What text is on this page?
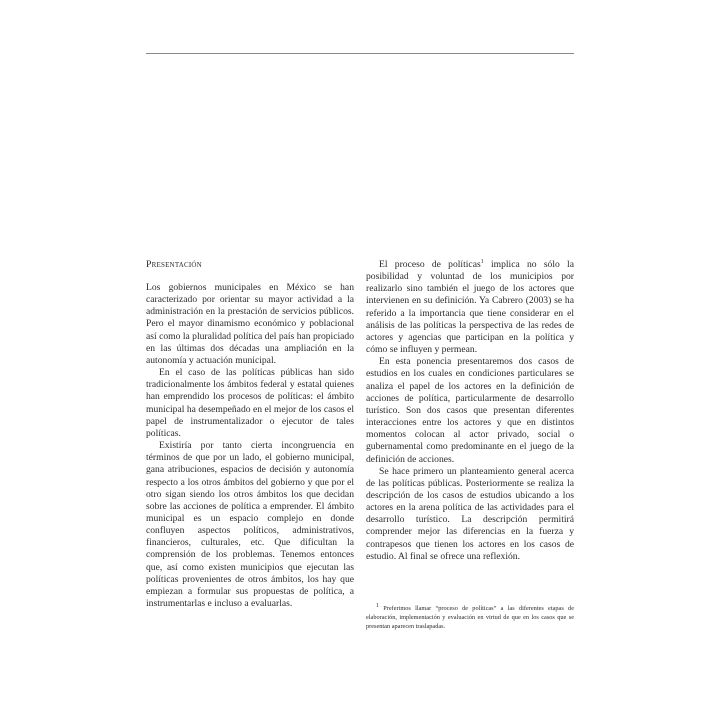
Presentación

Los gobiernos municipales en México se han caracterizado por orientar su mayor actividad a la administración en la prestación de servicios públicos. Pero el mayor dinamismo económico y poblacional así como la pluralidad política del país han propiciado en las últimas dos décadas una ampliación en la autonomía y actuación municipal.

En el caso de las políticas públicas han sido tradicionalmente los ámbitos federal y estatal quienes han emprendido los procesos de políticas: el ámbito municipal ha desempeñado en el mejor de los casos el papel de instrumentalizador o ejecutor de tales políticas.

Existiría por tanto cierta incongruencia en términos de que por un lado, el gobierno municipal, gana atribuciones, espacios de decisión y autonomía respecto a los otros ámbitos del gobierno y que por el otro sigan siendo los otros ámbitos los que decidan sobre las acciones de política a emprender. El ámbito municipal es un espacio complejo en donde confluyen aspectos políticos, administrativos, financieros, culturales, etc. Que dificultan la comprensión de los problemas. Tenemos entonces que, así como existen municipios que ejecutan las políticas provenientes de otros ámbitos, los hay que empiezan a formular sus propuestas de política, a instrumentarlas e incluso a evaluarlas.

El proceso de políticas$^1$ implica no sólo la posibilidad y voluntad de los municipios por realizarlo sino también el juego de los actores que intervienen en su definición. Ya Cabrero (2003) se ha referido a la importancia que tiene considerar en el análisis de las políticas la perspectiva de las redes de actores y agencias que participan en la política y cómo se influyen y permean.

En esta ponencia presentaremos dos casos de estudios en los cuales en condiciones particulares se analiza el papel de los actores en la definición de acciones de política, particularmente de desarrollo turístico. Son dos casos que presentan diferentes interacciones entre los actores y que en distintos momentos colocan al actor privado, social o gubernamental como predominante en el juego de la definición de acciones.

Se hace primero un planteamiento general acerca de las políticas públicas. Posteriormente se realiza la descripción de los casos de estudios ubicando a los actores en la arena política de las actividades para el desarrollo turístico. La descripción permitirá comprender mejor las diferencias en la fuerza y contrapesos que tienen los actores en los casos de estudio. Al final se ofrece una reflexión.

$^1$ Preferimos llamar “proceso de políticas” a las diferentes etapas de elaboración, implementación y evaluación en virtud de que en los casos que se presentan aparecen traslapadas.
